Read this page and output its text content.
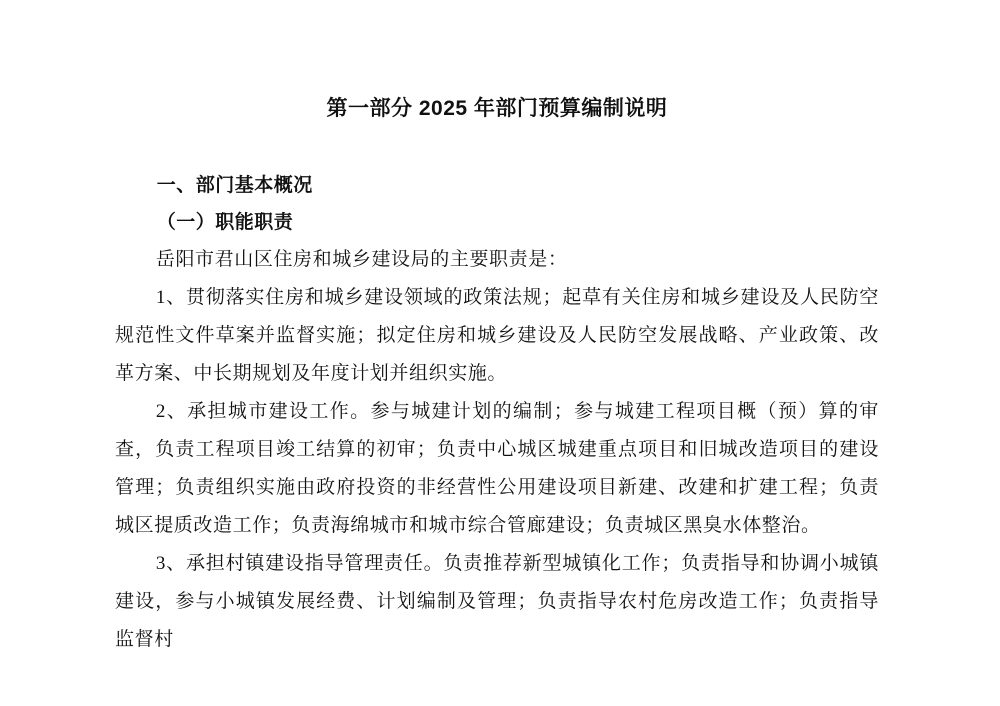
第一部分 2025 年部门预算编制说明
一、部门基本概况
（一）职能职责

岳阳市君山区住房和城乡建设局的主要职责是：

1、贯彻落实住房和城乡建设领域的政策法规；起草有关住房和城乡建设及人民防空规范性文件草案并监督实施；拟定住房和城乡建设及人民防空发展战略、产业政策、改革方案、中长期规划及年度计划并组织实施。

2、承担城市建设工作。参与城建计划的编制；参与城建工程项目概（预）算的审查，负责工程项目竣工结算的初审；负责中心城区城建重点项目和旧城改造项目的建设管理；负责组织实施由政府投资的非经营性公用建设项目新建、改建和扩建工程；负责城区提质改造工作；负责海绵城市和城市综合管廊建设；负责城区黑臭水体整治。

3、承担村镇建设指导管理责任。负责推荐新型城镇化工作；负责指导和协调小城镇建设，参与小城镇发展经费、计划编制及管理；负责指导农村危房改造工作；负责指导监督村
